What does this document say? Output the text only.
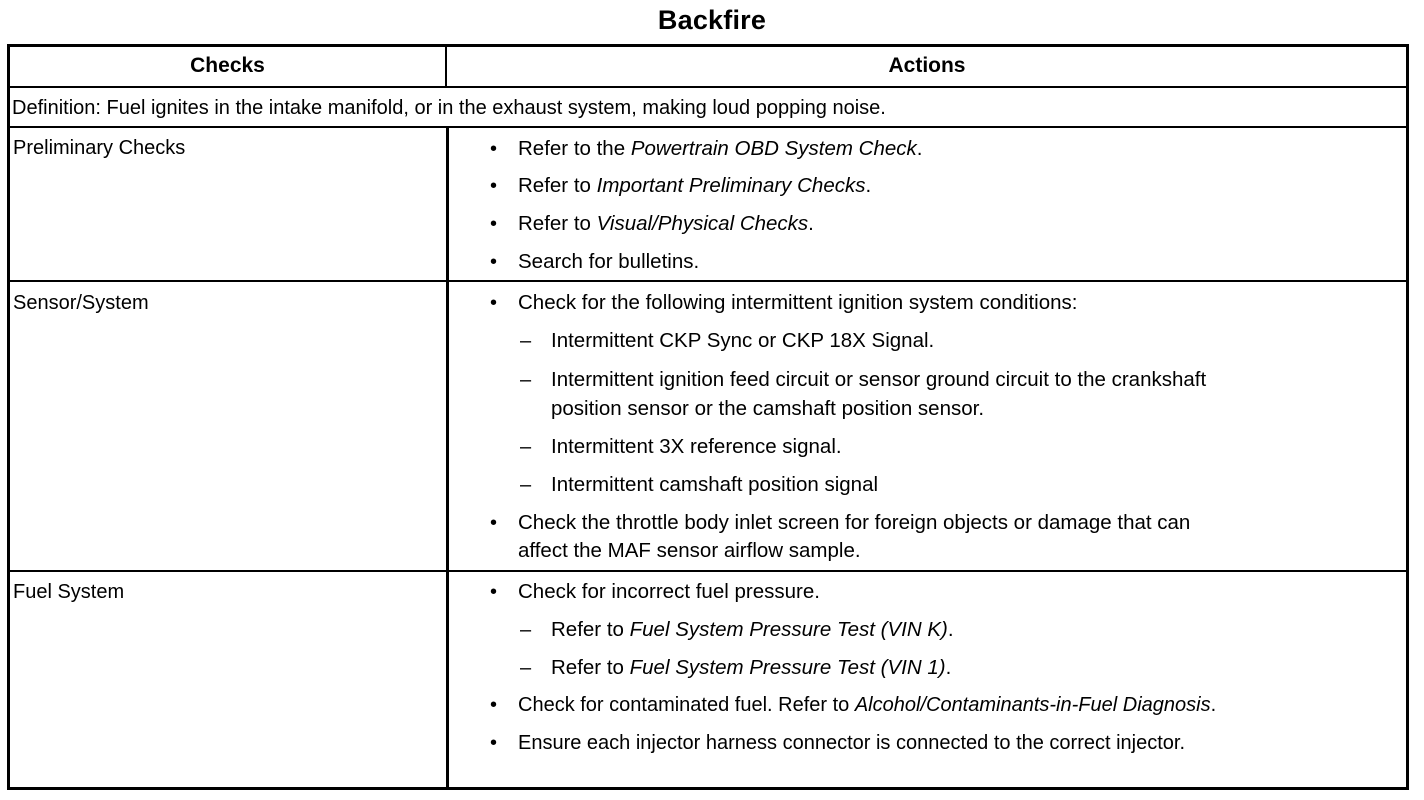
Backfire
Checks	Actions
Definition: Fuel ignites in the intake manifold, or in the exhaust system, making loud popping noise.
Preliminary Checks	• Refer to the Powertrain OBD System Check.
• Refer to Important Preliminary Checks.
• Refer to Visual/Physical Checks.
• Search for bulletins.
Sensor/System	• Check for the following intermittent ignition system conditions:
– Intermittent CKP Sync or CKP 18X Signal.
– Intermittent ignition feed circuit or sensor ground circuit to the crankshaft
position sensor or the camshaft position sensor.
– Intermittent 3X reference signal.
– Intermittent camshaft position signal
• Check the throttle body inlet screen for foreign objects or damage that can
affect the MAF sensor airflow sample.
Fuel System	• Check for incorrect fuel pressure.
– Refer to Fuel System Pressure Test (VIN K).
– Refer to Fuel System Pressure Test (VIN 1).
• Check for contaminated fuel. Refer to Alcohol/Contaminants-in-Fuel Diagnosis.
• Ensure each injector harness connector is connected to the correct injector.
